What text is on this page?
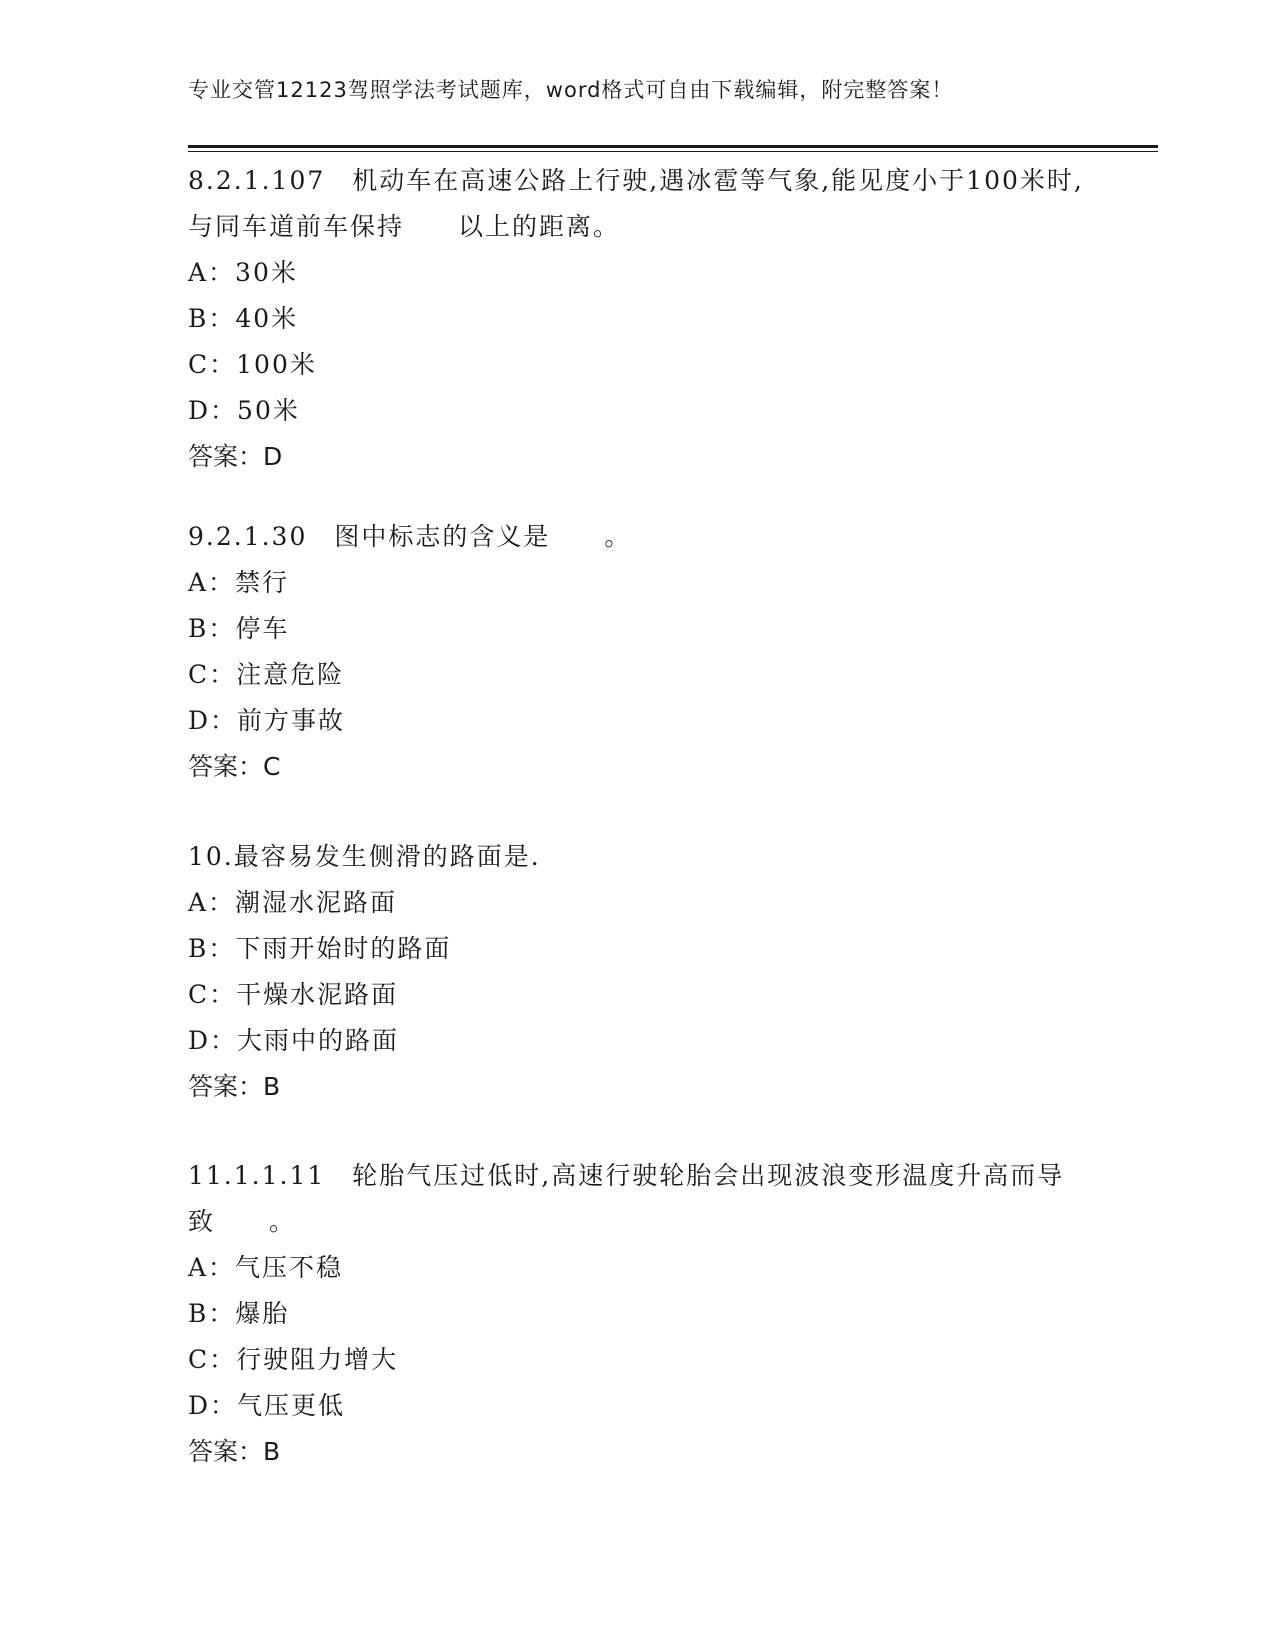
专业交管12123驾照学法考试题库，word格式可自由下载编辑，附完整答案！

8.2.1.107　机动车在高速公路上行驶,遇冰雹等气象,能见度小于100米时,与同车道前车保持　　以上的距离。

A：30米
B：40米
C：100米
D：50米
答案：D

9.2.1.30　图中标志的含义是　　。

A：禁行
B：停车
C：注意危险
D：前方事故
答案：C

10.最容易发生侧滑的路面是.

A：潮湿水泥路面
B：下雨开始时的路面
C：干燥水泥路面
D：大雨中的路面
答案：B

11.1.1.11　轮胎气压过低时,高速行驶轮胎会出现波浪变形温度升高而导致　　。

A：气压不稳
B：爆胎
C：行驶阻力增大
D：气压更低
答案：B
